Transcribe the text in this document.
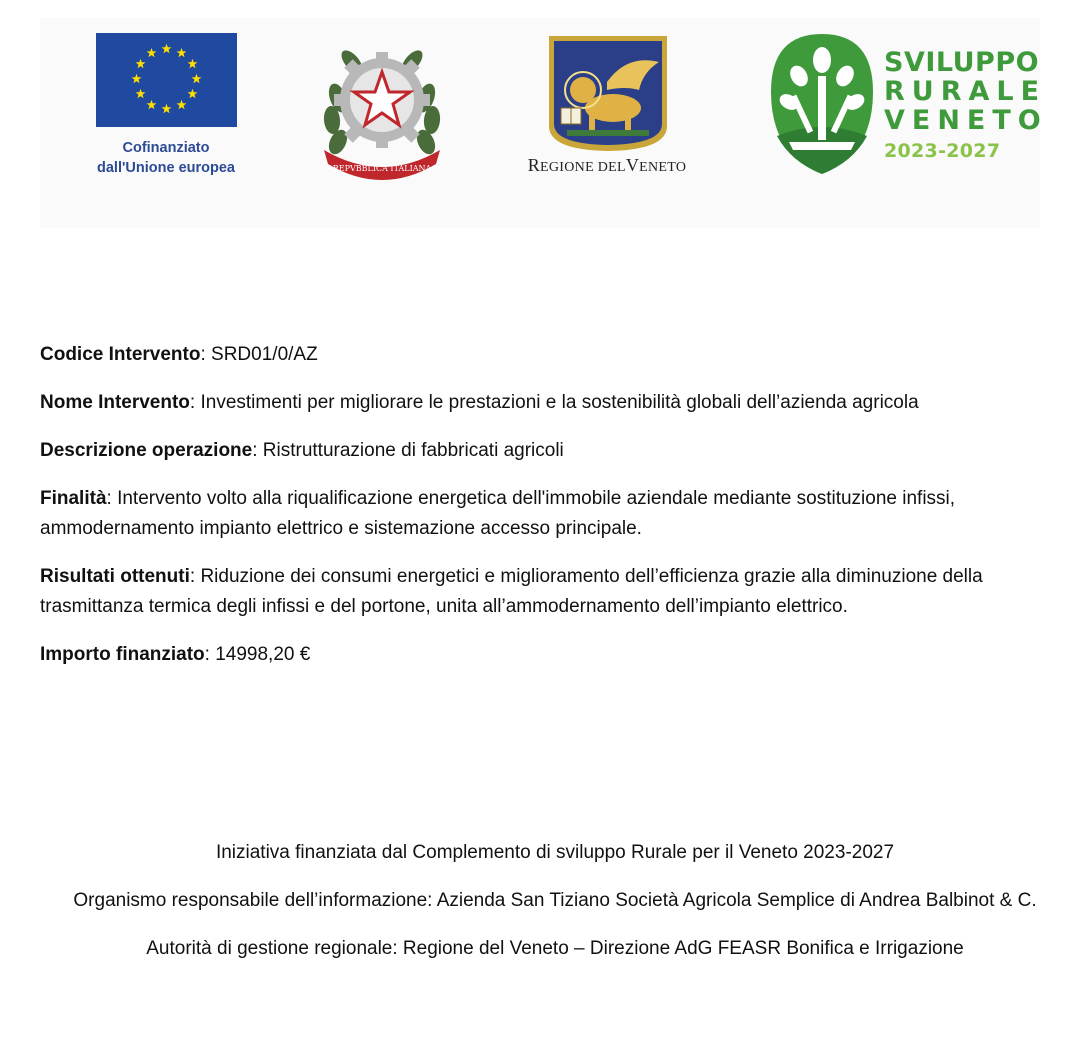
Cofinanziato
dall'Unione europea	REPVBBLICA ITALIANA	REGIONE DELVENETO
SVILUPPO
RURALE
VENETO
2023-2027

Codice Intervento: SRD01/0/AZ

Nome Intervento: Investimenti per migliorare le prestazioni e la sostenibilità globali dell’azienda agricola

Descrizione operazione: Ristrutturazione di fabbricati agricoli

Finalità: Intervento volto alla riqualificazione energetica dell'immobile aziendale mediante sostituzione infissi, ammodernamento impianto elettrico e sistemazione accesso principale.

Risultati ottenuti: Riduzione dei consumi energetici e miglioramento dell’efficienza grazie alla diminuzione della trasmittanza termica degli infissi e del portone, unita all’ammodernamento dell’impianto elettrico.

Importo finanziato: 14998,20 €

Iniziativa finanziata dal Complemento di sviluppo Rurale per il Veneto 2023-2027

Organismo responsabile dell’informazione: Azienda San Tiziano Società Agricola Semplice di Andrea Balbinot & C.

Autorità di gestione regionale: Regione del Veneto – Direzione AdG FEASR Bonifica e Irrigazione
